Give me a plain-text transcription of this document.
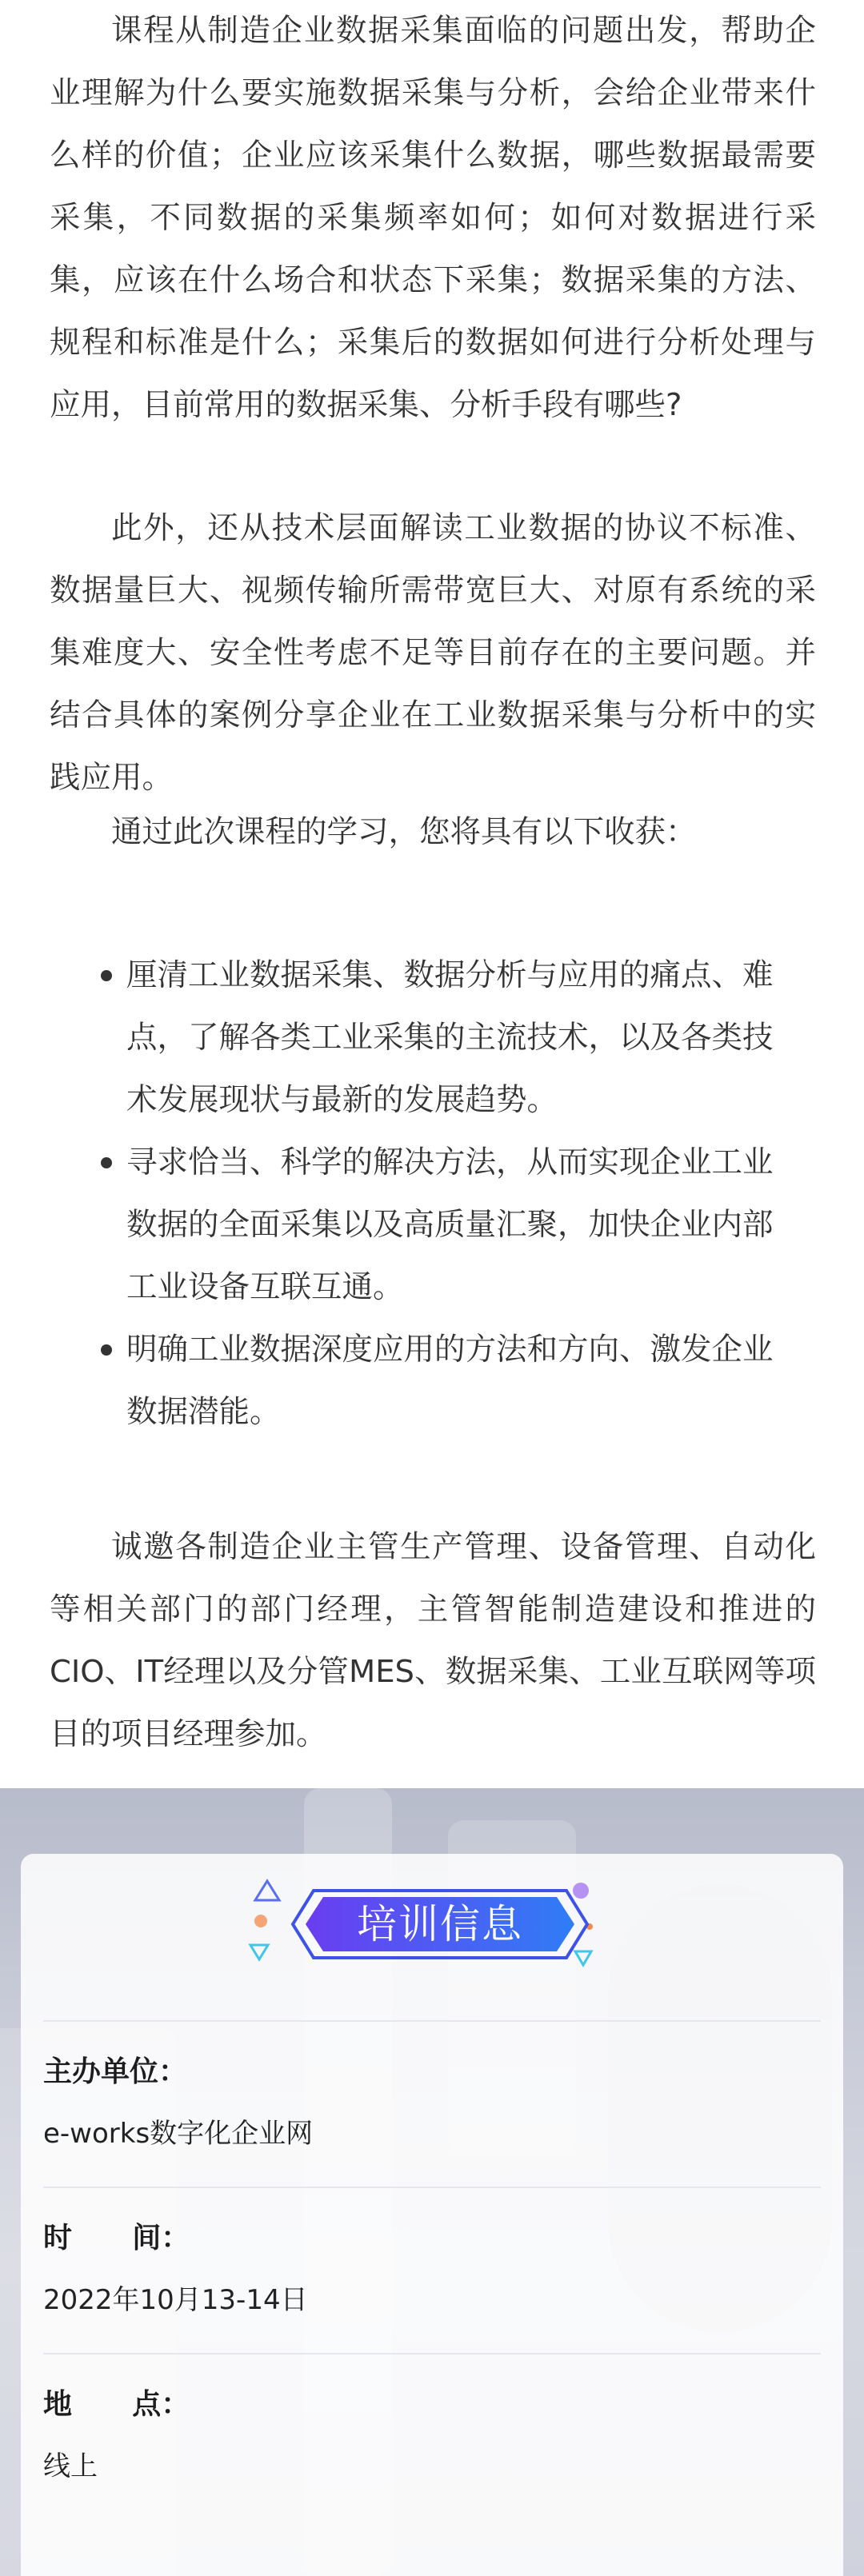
课程从制造企业数据采集面临的问题出发，帮助企业理解为什么要实施数据采集与分析，会给企业带来什么样的价值；企业应该采集什么数据，哪些数据最需要采集，不同数据的采集频率如何；如何对数据进行采集，应该在什么场合和状态下采集；数据采集的方法、规程和标准是什么；采集后的数据如何进行分析处理与应用，目前常用的数据采集、分析手段有哪些?

此外，还从技术层面解读工业数据的协议不标准、数据量巨大、视频传输所需带宽巨大、对原有系统的采集难度大、安全性考虑不足等目前存在的主要问题。并结合具体的案例分享企业在工业数据采集与分析中的实践应用。

通过此次课程的学习，您将具有以下收获：

厘清工业数据采集、数据分析与应用的痛点、难点，了解各类工业采集的主流技术，以及各类技术发展现状与最新的发展趋势。
寻求恰当、科学的解决方法，从而实现企业工业数据的全面采集以及高质量汇聚，加快企业内部工业设备互联互通。
明确工业数据深度应用的方法和方向、激发企业数据潜能。

诚邀各制造企业主管生产管理、设备管理、自动化等相关部门的部门经理，主管智能制造建设和推进的CIO、IT经理以及分管MES、数据采集、工业互联网等项目的项目经理参加。

培训信息
主办单位：
e-works数字化企业网
时      间：
2022年10月13-14日
地      点：
线上
